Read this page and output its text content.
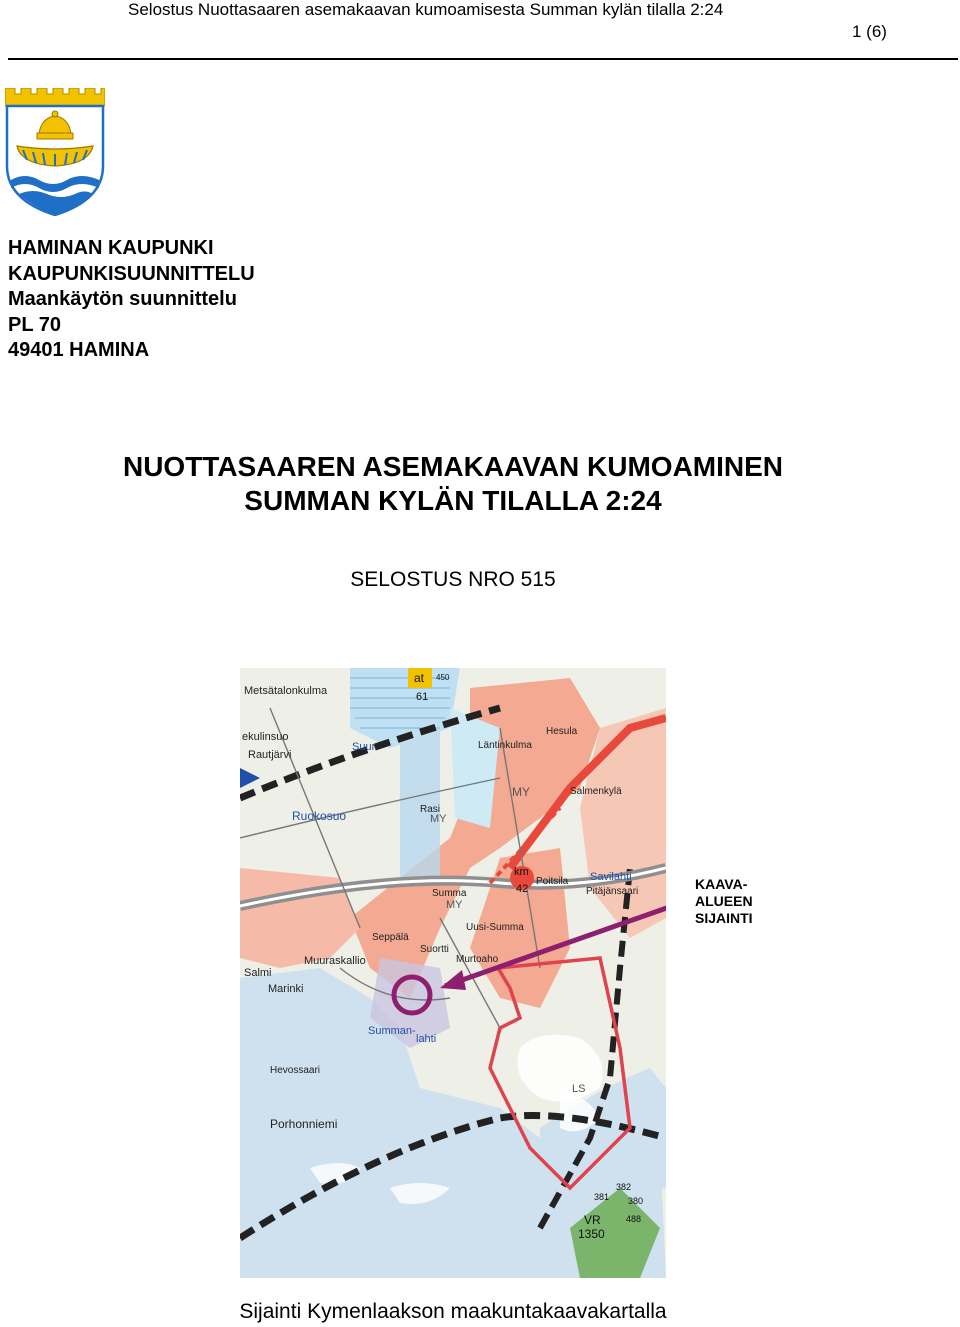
Selostus Nuottasaaren asemakaavan kumoamisesta Summan kylän tilalla 2:24
1 (6)
HAMINAN KAUPUNKI
KAUPUNKISUUNNITTELU
Maankäytön suunnittelu
PL 70
49401 HAMINA
NUOTTASAAREN ASEMAKAAVAN KUMOAMINEN
SUMMAN KYLÄN TILALLA 2:24
SELOSTUS NRO 515
Metsätalonkulma
ekulinsuo
Rautjärvi
Ruokosuo
Suur	Läntinkulma
Hesula
Salmenkylä
Rasi
MY
MY
MY
km
42
at
61
450
Poitsila
Pitäjänsaari
Savilahti
Summa
Uusi-Summa
Seppälä
Suortti
Murtoaho
Muuraskallio
Salmi
Marinki
Summan-
lahti
Porhonniemi
Hevossaari
VR
1350
LS
382
381 380
488
KAAVA-
ALUEEN
SIJAINTI
Sijainti Kymenlaakson maakuntakaavakartalla
